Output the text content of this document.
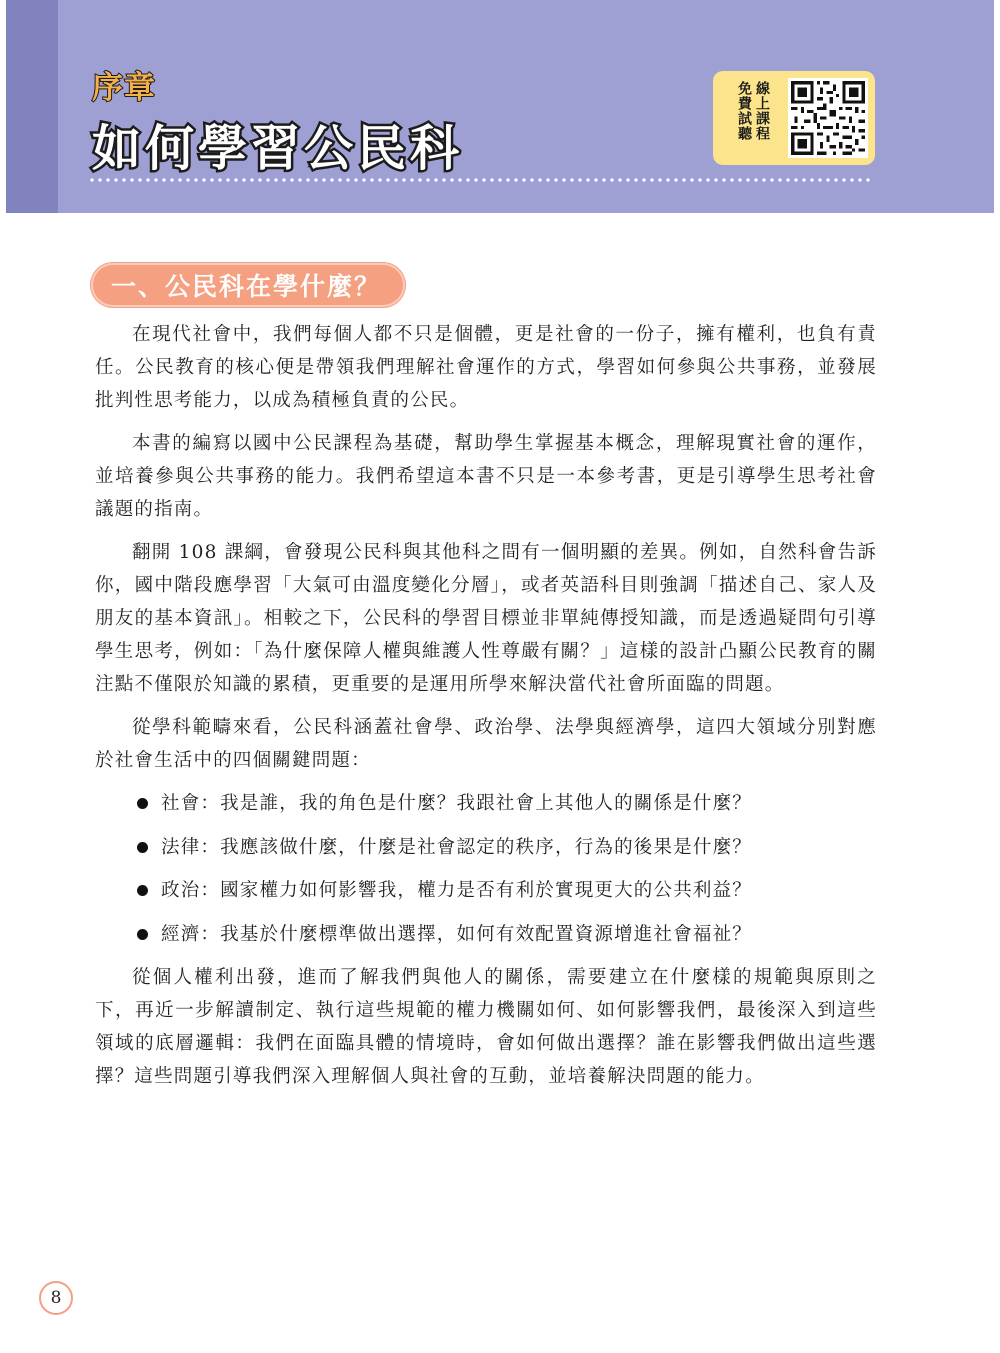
序章
如何學習公民科
線上課程免費試聽
一、公民科在學什麼？

在現代社會中，我們每個人都不只是個體，更是社會的一份子，擁有權利，也負有責任。公民教育的核心便是帶領我們理解社會運作的方式，學習如何參與公共事務，並發展批判性思考能力，以成為積極負責的公民。

本書的編寫以國中公民課程為基礎，幫助學生掌握基本概念，理解現實社會的運作，並培養參與公共事務的能力。我們希望這本書不只是一本參考書，更是引導學生思考社會議題的指南。

翻開 108 課綱，會發現公民科與其他科之間有一個明顯的差異。例如，自然科會告訴你，國中階段應學習「大氣可由溫度變化分層」，或者英語科目則強調「描述自己、家人及朋友的基本資訊」。相較之下，公民科的學習目標並非單純傳授知識，而是透過疑問句引導學生思考，例如：「為什麼保障人權與維護人性尊嚴有關？」這樣的設計凸顯公民教育的關注點不僅限於知識的累積，更重要的是運用所學來解決當代社會所面臨的問題。

從學科範疇來看，公民科涵蓋社會學、政治學、法學與經濟學，這四大領域分別對應於社會生活中的四個關鍵問題：

社會：我是誰，我的角色是什麼？我跟社會上其他人的關係是什麼？
法律：我應該做什麼，什麼是社會認定的秩序，行為的後果是什麼？
政治：國家權力如何影響我，權力是否有利於實現更大的公共利益？
經濟：我基於什麼標準做出選擇，如何有效配置資源增進社會福祉？

從個人權利出發，進而了解我們與他人的關係，需要建立在什麼樣的規範與原則之下，再近一步解讀制定、執行這些規範的權力機關如何、如何影響我們，最後深入到這些領域的底層邏輯：我們在面臨具體的情境時，會如何做出選擇？誰在影響我們做出這些選擇？這些問題引導我們深入理解個人與社會的互動，並培養解決問題的能力。

8
